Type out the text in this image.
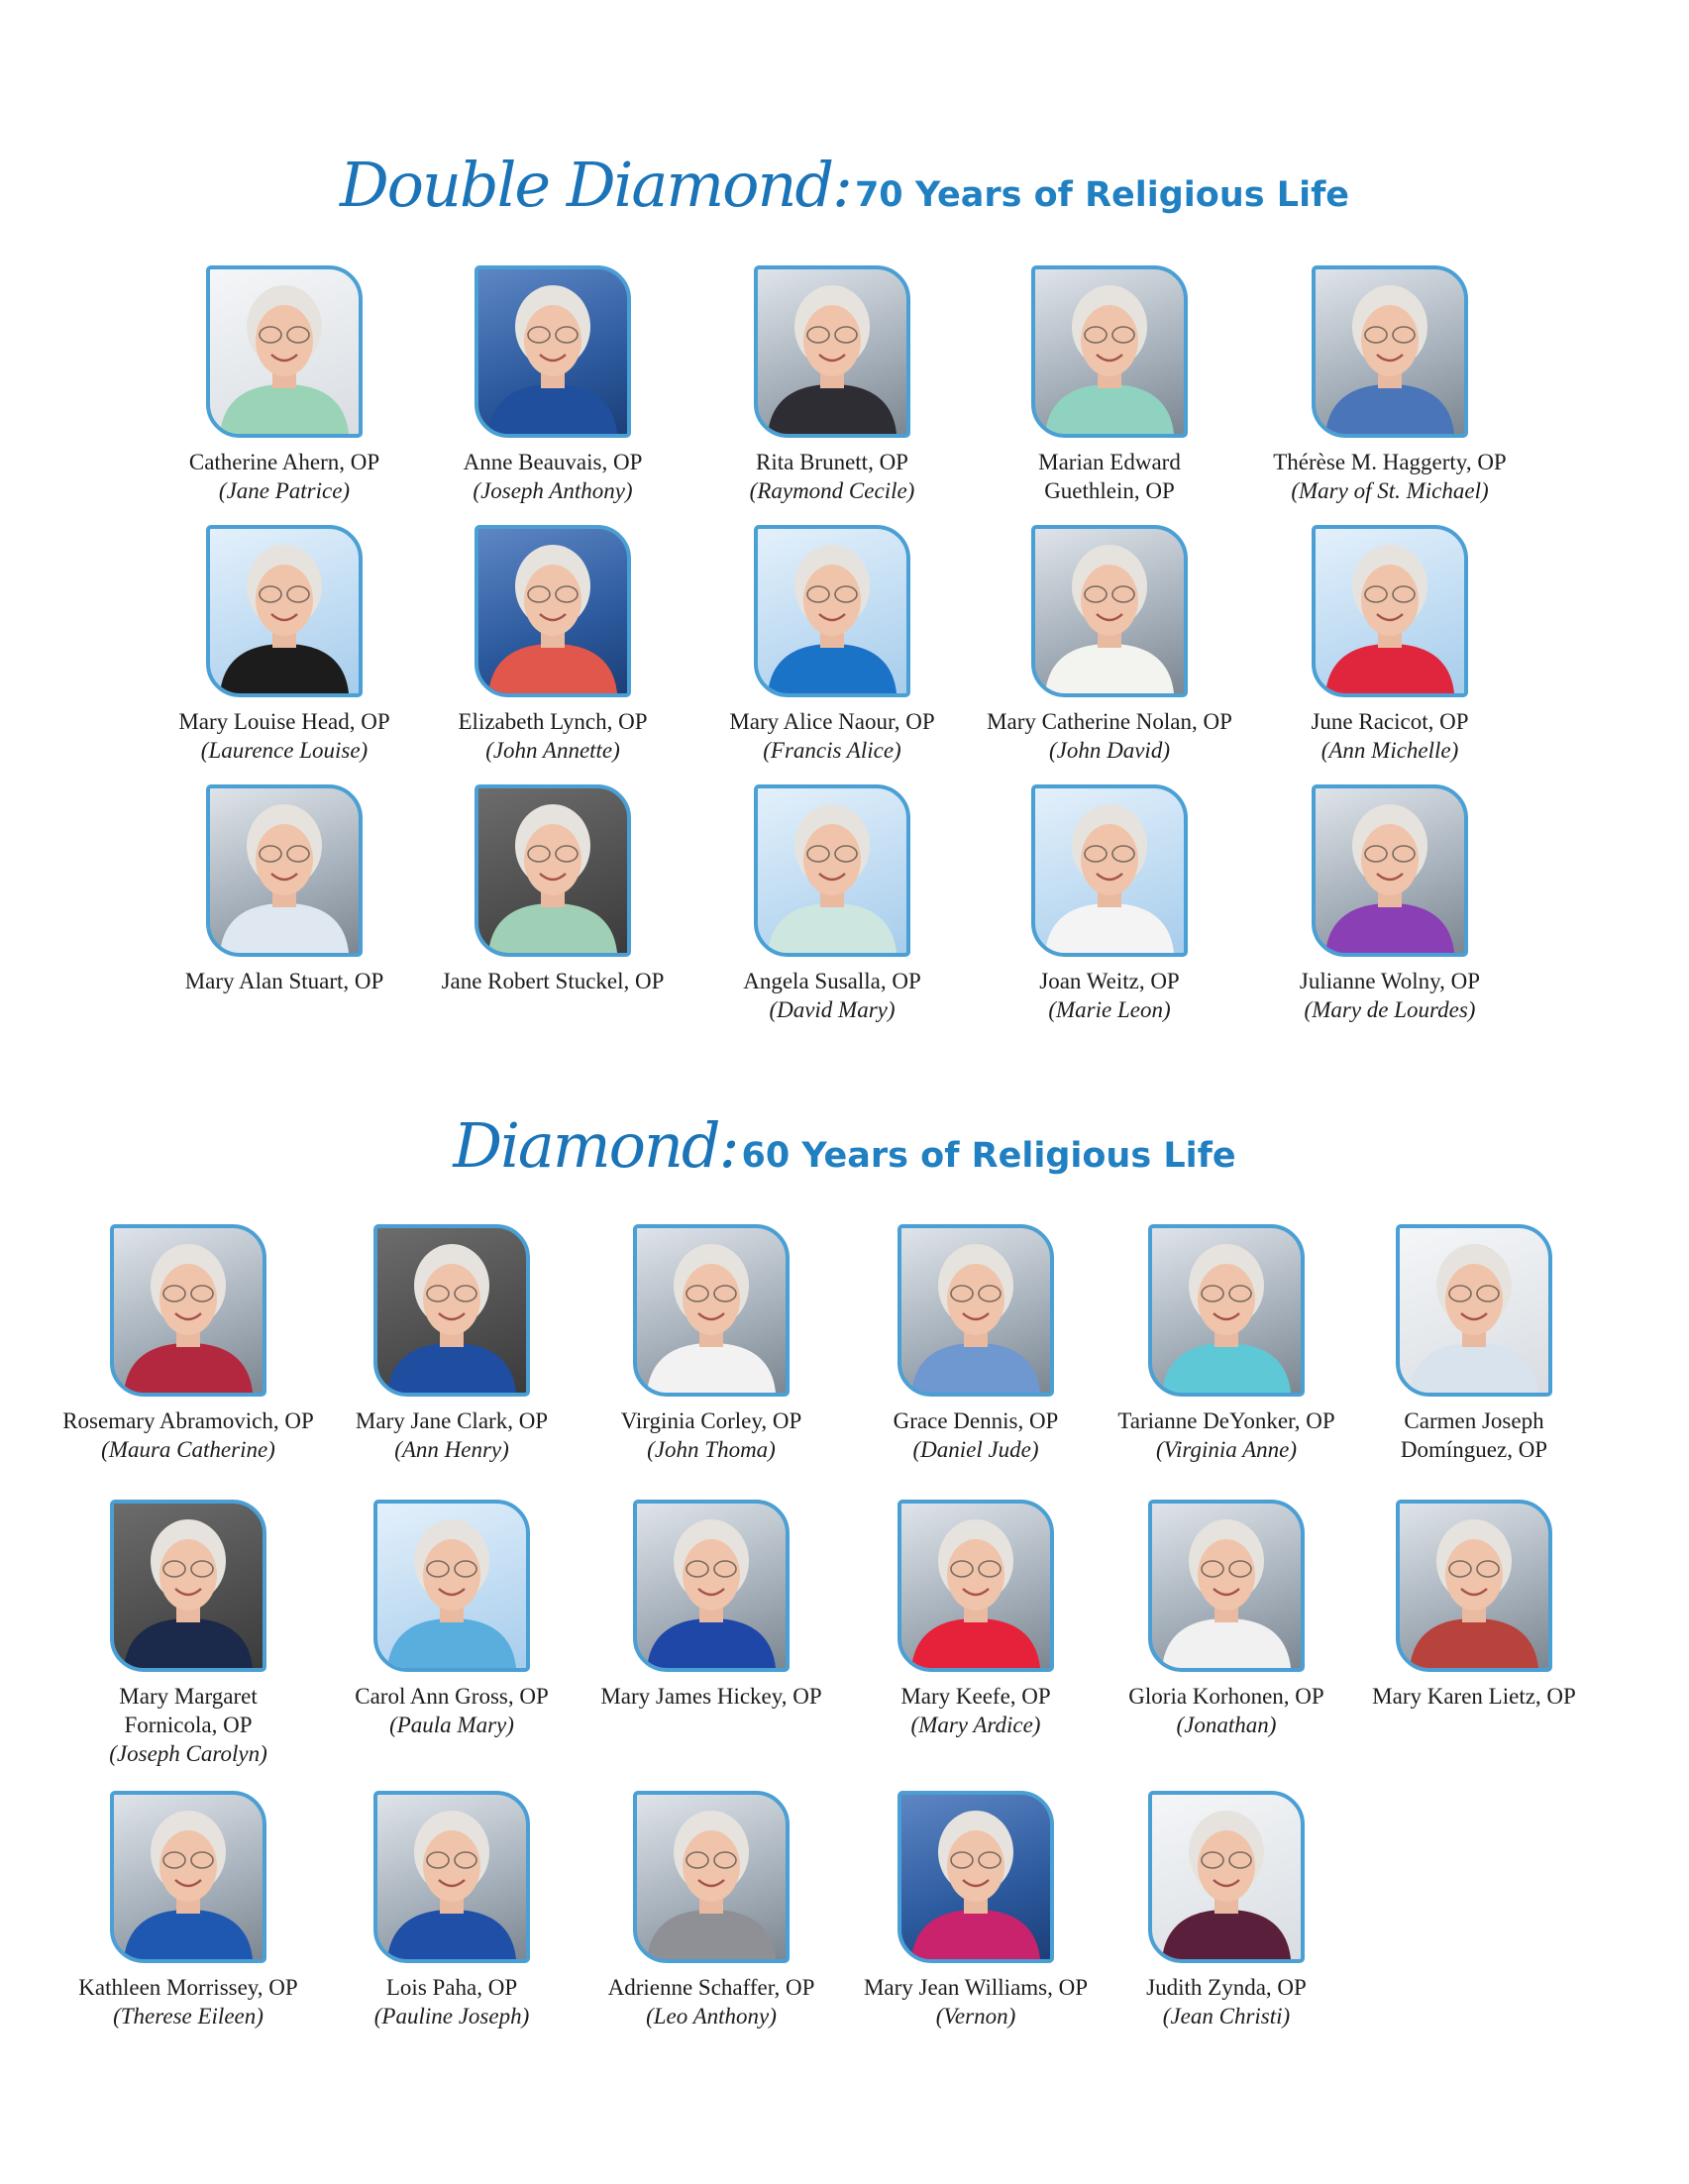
Double Diamond: 70 Years of Religious Life
Catherine Ahern, OP
(Jane Patrice)
Anne Beauvais, OP
(Joseph Anthony)
Rita Brunett, OP
(Raymond Cecile)
Marian Edward
Guethlein, OP
Thérèse M. Haggerty, OP
(Mary of St. Michael)
Mary Louise Head, OP
(Laurence Louise)
Elizabeth Lynch, OP
(John Annette)
Mary Alice Naour, OP
(Francis Alice)
Mary Catherine Nolan, OP
(John David)
June Racicot, OP
(Ann Michelle)
Mary Alan Stuart, OP	Jane Robert Stuckel, OP	Angela Susalla, OP
(David Mary)
Joan Weitz, OP
(Marie Leon)
Julianne Wolny, OP
(Mary de Lourdes)
Diamond: 60 Years of Religious Life
Rosemary Abramovich, OP
(Maura Catherine)
Mary Jane Clark, OP
(Ann Henry)
Virginia Corley, OP
(John Thoma)
Grace Dennis, OP
(Daniel Jude)
Tarianne DeYonker, OP
(Virginia Anne)
Carmen Joseph
Domínguez, OP
Mary Margaret
Fornicola, OP
(Joseph Carolyn)
Carol Ann Gross, OP
(Paula Mary)
Mary James Hickey, OP	Mary Keefe, OP
(Mary Ardice)
Gloria Korhonen, OP
(Jonathan)
Mary Karen Lietz, OP
Kathleen Morrissey, OP
(Therese Eileen)
Lois Paha, OP
(Pauline Joseph)
Adrienne Schaffer, OP
(Leo Anthony)
Mary Jean Williams, OP
(Vernon)
Judith Zynda, OP
(Jean Christi)
